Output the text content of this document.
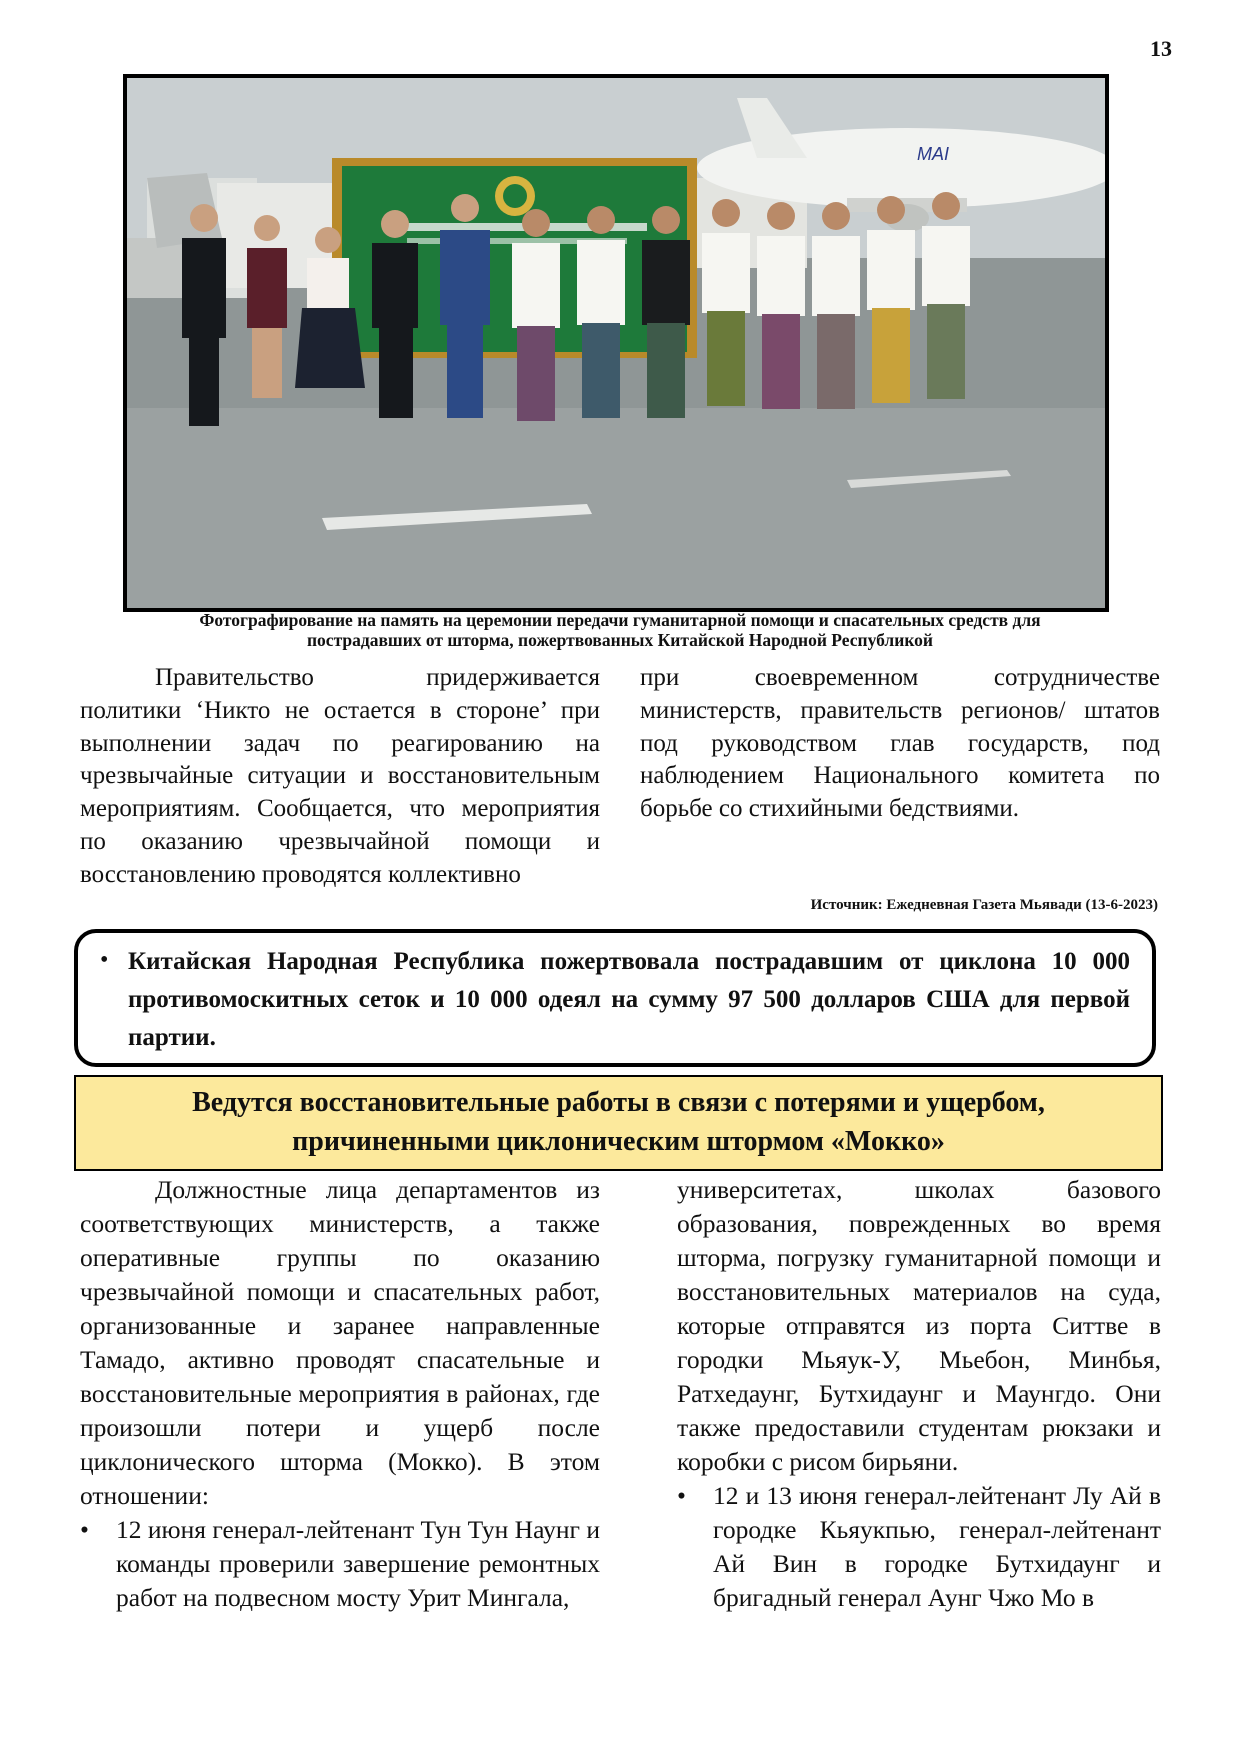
13
MAI
Фотографирование на память на церемонии передачи гуманитарной помощи и спасательных средств для
пострадавших от шторма, пожертвованных Китайской Народной Республикой

Правительство придерживается политики ‘Никто не остается в стороне’ при выполнении задач по реагированию на чрезвычайные ситуации и восстановительным мероприятиям. Сообщается, что мероприятия по оказанию чрезвычайной помощи и восстановлению проводятся коллективно

при своевременном сотрудничестве министерств, правительств регионов/ штатов под руководством глав государств, под наблюдением Национального комитета по борьбе со стихийными бедствиями.

Источник: Ежедневная Газета Мьявади (13-6-2023)
• Китайская Народная Республика пожертвовала пострадавшим от циклона 10 000 противомоскитных сеток и 10 000 одеял на сумму 97 500 долларов США для первой партии.
Ведутся восстановительные работы в связи с потерями и ущербом,
причиненными циклоническим штормом «Мокко»

Должностные лица департаментов из соответствующих министерств, а также оперативные группы по оказанию чрезвычайной помощи и спасательных работ, организованные и заранее направленные Тамадо, активно проводят спасательные и восстановительные мероприятия в районах, где произошли потери и ущерб после циклонического шторма (Мокко). В этом отношении:

• 12 июня генерал-лейтенант Тун Тун Наунг и команды проверили завершение ремонтных работ на подвесном мосту Урит Мингала,

университетах, школах базового образования, поврежденных во время шторма, погрузку гуманитарной помощи и восстановительных материалов на суда, которые отправятся из порта Ситтве в городки Мьяук-У, Мьебон, Минбья, Ратхедаунг, Бутхидаунг и Маунгдо. Они также предоставили студентам рюкзаки и коробки с рисом бирьяни.

• 12 и 13 июня генерал-лейтенант Лу Ай в городке Кьяукпью, генерал-лейтенант Ай Вин в городке Бутхидаунг и бригадный генерал Аунг Чжо Мо в
